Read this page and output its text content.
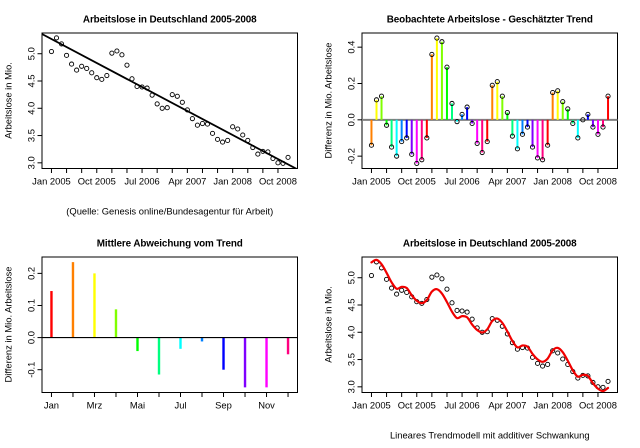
Arbeitslose in Deutschland 2005-2008
Arbeitslose in Mio.
Jan 2005 Oct 2005 Jul 2006 Apr 2007 Jan 2008 Oct 2008
3.0
3.5
4.0
4.5
5.0
(Quelle: Genesis online/Bundesagentur für Arbeit)
Beobachtete Arbeitslose - Geschätzter Trend
Differenz in Mio. Arbeitslose
Jan 2005 Oct 2005 Jul 2006 Apr 2007 Jan 2008 Oct 2008
-0.2
0.0
0.2
0.4
Mittlere Abweichung vom Trend
Differenz in Mio. Arbeitslose
Jan	Mrz	Mai	Jul	Sep	Nov
-0.1
0.0
0.1
0.2
Arbeitslose in Deutschland 2005-2008
Arbeitslose in Mio.
Jan 2005 Oct 2005 Jul 2006 Apr 2007 Jan 2008 Oct 2008
3.0
3.5
4.0
4.5
5.0
Lineares Trendmodell mit additiver Schwankung
